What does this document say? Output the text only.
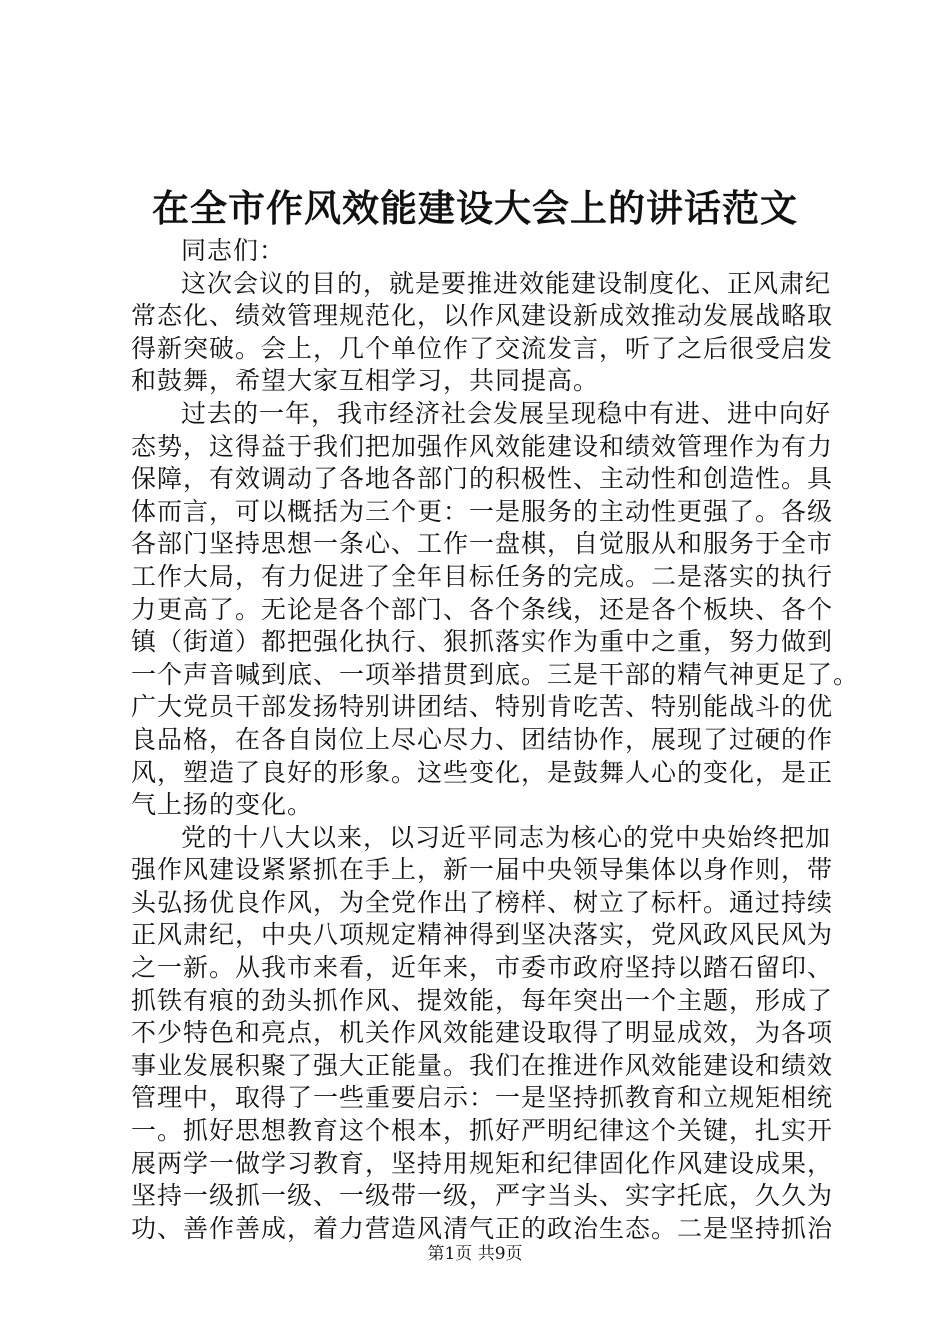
在全市作风效能建设大会上的讲话范文
同志们：
这次会议的目的，就是要推进效能建设制度化、正风肃纪
常态化、绩效管理规范化，以作风建设新成效推动发展战略取
得新突破。会上，几个单位作了交流发言，听了之后很受启发
和鼓舞，希望大家互相学习，共同提高。
过去的一年，我市经济社会发展呈现稳中有进、进中向好
态势，这得益于我们把加强作风效能建设和绩效管理作为有力
保障，有效调动了各地各部门的积极性、主动性和创造性。具
体而言，可以概括为三个更：一是服务的主动性更强了。各级
各部门坚持思想一条心、工作一盘棋，自觉服从和服务于全市
工作大局，有力促进了全年目标任务的完成。二是落实的执行
力更高了。无论是各个部门、各个条线，还是各个板块、各个
镇（街道）都把强化执行、狠抓落实作为重中之重，努力做到
一个声音喊到底、一项举措贯到底。三是干部的精气神更足了。
广大党员干部发扬特别讲团结、特别肯吃苦、特别能战斗的优
良品格，在各自岗位上尽心尽力、团结协作，展现了过硬的作
风，塑造了良好的形象。这些变化，是鼓舞人心的变化，是正
气上扬的变化。
党的十八大以来，以习近平同志为核心的党中央始终把加
强作风建设紧紧抓在手上，新一届中央领导集体以身作则，带
头弘扬优良作风，为全党作出了榜样、树立了标杆。通过持续
正风肃纪，中央八项规定精神得到坚决落实，党风政风民风为
之一新。从我市来看，近年来，市委市政府坚持以踏石留印、
抓铁有痕的劲头抓作风、提效能，每年突出一个主题，形成了
不少特色和亮点，机关作风效能建设取得了明显成效，为各项
事业发展积聚了强大正能量。我们在推进作风效能建设和绩效
管理中，取得了一些重要启示：一是坚持抓教育和立规矩相统
一。抓好思想教育这个根本，抓好严明纪律这个关键，扎实开
展两学一做学习教育，坚持用规矩和纪律固化作风建设成果，
坚持一级抓一级、一级带一级，严字当头、实字托底，久久为
功、善作善成，着力营造风清气正的政治生态。二是坚持抓治
第1页 共9页
